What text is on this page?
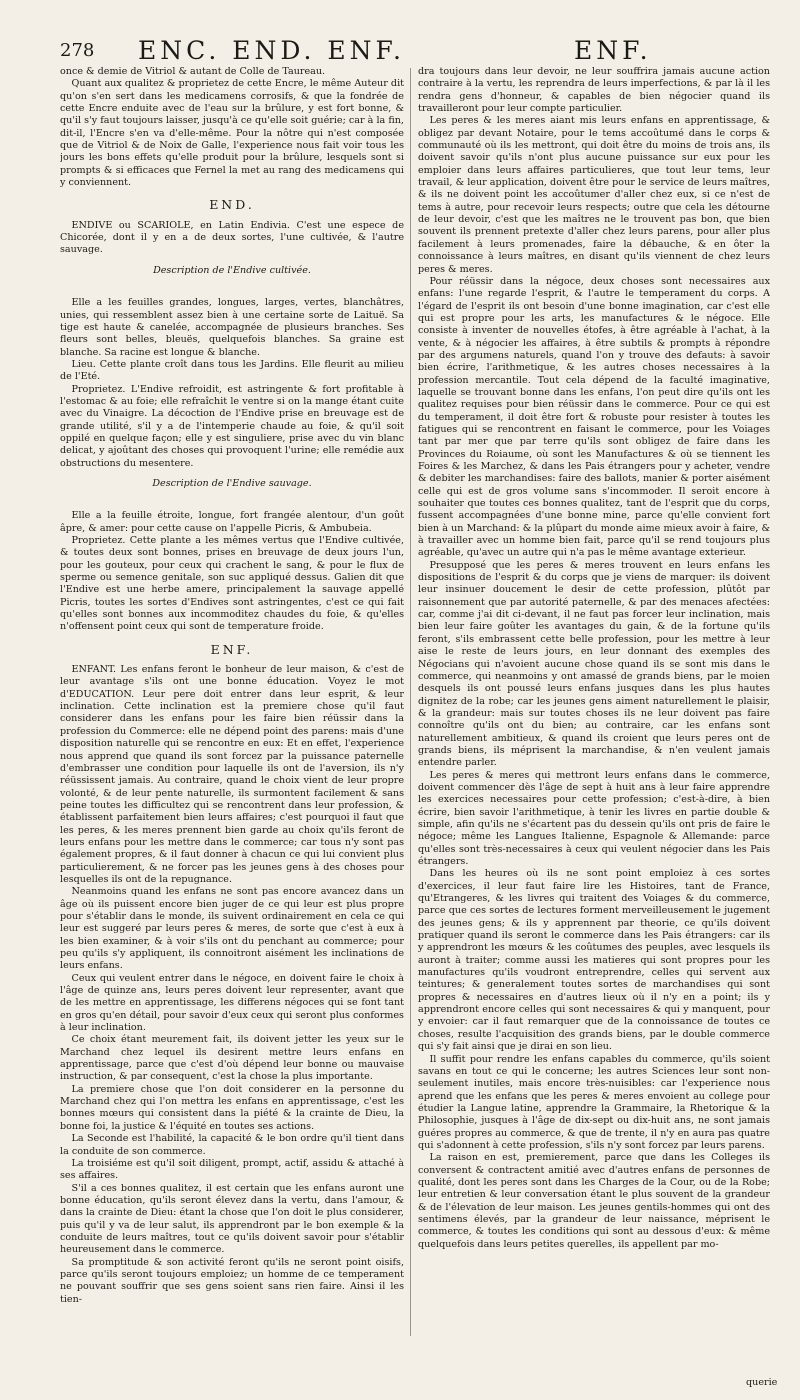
278 ENC. END. ENF.	ENF.

once & demie de Vitriol & autant de Colle de Taureau.

Quant aux qualitez & proprietez de cette Encre, le même Auteur dit qu'on s'en sert dans les medicamens corrosifs, & que la fondrée de cette Encre enduite avec de l'eau sur la brûlure, y est fort bonne, & qu'il s'y faut toujours laisser, jusqu'à ce qu'elle soit guérie; car à la fin, dit-il, l'Encre s'en va d'elle-même. Pour la nôtre qui n'est composée que de Vitriol & de Noix de Galle, l'experience nous fait voir tous les jours les bons effets qu'elle produit pour la brûlure, lesquels sont si prompts & si efficaces que Fernel la met au rang des medicamens qui y conviennent.

END.

ENDIVE ou SCARIOLE, en Latin Endivia. C'est une espece de Chicorée, dont il y en a de deux sortes, l'une cultivée, & l'autre sauvage.

Description de l'Endive cultivée.

Elle a les feuilles grandes, longues, larges, vertes, blanchâtres, unies, qui ressemblent assez bien à une certaine sorte de Laituë. Sa tige est haute & canelée, accompagnée de plusieurs branches. Ses fleurs sont belles, bleuës, quelquefois blanches. Sa graine est blanche. Sa racine est longue & blanche.

Lieu. Cette plante croît dans tous les Jardins. Elle fleurit au milieu de l'Eté.

Proprietez. L'Endive refroidit, est astringente & fort profitable à l'estomac & au foie; elle refraîchit le ventre si on la mange étant cuite avec du Vinaigre. La décoction de l'Endive prise en breuvage est de grande utilité, s'il y a de l'intemperie chaude au foie, & qu'il soit oppilé en quelque façon; elle y est singuliere, prise avec du vin blanc delicat, y ajoûtant des choses qui provoquent l'urine; elle remédie aux obstructions du mesentere.

Description de l'Endive sauvage.

Elle a la feuille étroite, longue, fort frangée alentour, d'un goût âpre, & amer: pour cette cause on l'appelle Picris, & Ambubeia.

Proprietez. Cette plante a les mêmes vertus que l'Endive cultivée, & toutes deux sont bonnes, prises en breuvage de deux jours l'un, pour les gouteux, pour ceux qui crachent le sang, & pour le flux de sperme ou semence genitale, son suc appliqué dessus. Galien dit que l'Endive est une herbe amere, principalement la sauvage appellé Picris, toutes les sortes d'Endives sont astringentes, c'est ce qui fait qu'elles sont bonnes aux incommoditez chaudes du foie, & qu'elles n'offensent point ceux qui sont de temperature froide.

ENF.

ENFANT. Les enfans feront le bonheur de leur maison, & c'est de leur avantage s'ils ont une bonne éducation. Voyez le mot d'EDUCATION. Leur pere doit entrer dans leur esprit, & leur inclination. Cette inclination est la premiere chose qu'il faut considerer dans les enfans pour les faire bien réüssir dans la profession du Commerce: elle ne dépend point des parens: mais d'une disposition naturelle qui se rencontre en eux: Et en effet, l'experience nous apprend que quand ils sont forcez par la puissance paternelle d'embrasser une condition pour laquelle ils ont de l'aversion, ils n'y réüssissent jamais. Au contraire, quand le choix vient de leur propre volonté, & de leur pente naturelle, ils surmontent facilement & sans peine toutes les difficultez qui se rencontrent dans leur profession, & établissent parfaitement bien leurs affaires; c'est pourquoi il faut que les peres, & les meres prennent bien garde au choix qu'ils feront de leurs enfans pour les mettre dans le commerce; car tous n'y sont pas également propres, & il faut donner à chacun ce qui lui convient plus particulierement, & ne forcer pas les jeunes gens à des choses pour lesquelles ils ont de la repugnance.

Neanmoins quand les enfans ne sont pas encore avancez dans un âge où ils puissent encore bien juger de ce qui leur est plus propre pour s'établir dans le monde, ils suivent ordinairement en cela ce qui leur est suggeré par leurs peres & meres, de sorte que c'est à eux à les bien examiner, & à voir s'ils ont du penchant au commerce; pour peu qu'ils s'y appliquent, ils connoitront aisément les inclinations de leurs enfans.

Ceux qui veulent entrer dans le négoce, en doivent faire le choix à l'âge de quinze ans, leurs peres doivent leur representer, avant que de les mettre en apprentissage, les differens négoces qui se font tant en gros qu'en détail, pour savoir d'eux ceux qui seront plus conformes à leur inclination.

Ce choix étant meurement fait, ils doivent jetter les yeux sur le Marchand chez lequel ils desirent mettre leurs enfans en apprentissage, parce que c'est d'où dépend leur bonne ou mauvaise instruction, & par consequent, c'est la chose la plus importante.

La premiere chose que l'on doit considerer en la personne du Marchand chez qui l'on mettra les enfans en apprentissage, c'est les bonnes mœurs qui consistent dans la piété & la crainte de Dieu, la bonne foi, la justice & l'équité en toutes ses actions.

La Seconde est l'habilité, la capacité & le bon ordre qu'il tient dans la conduite de son commerce.

La troisiéme est qu'il soit diligent, prompt, actif, assidu & attaché à ses affaires.

S'il a ces bonnes qualitez, il est certain que les enfans auront une bonne éducation, qu'ils seront élevez dans la vertu, dans l'amour, & dans la crainte de Dieu: étant la chose que l'on doit le plus considerer, puis qu'il y va de leur salut, ils apprendront par le bon exemple & la conduite de leurs maîtres, tout ce qu'ils doivent savoir pour s'établir heureusement dans le commerce.

Sa promptitude & son activité feront qu'ils ne seront point oisifs, parce qu'ils seront toujours emploiez; un homme de ce temperament ne pouvant souffrir que ses gens soient sans rien faire. Ainsi il les tien-

dra toujours dans leur devoir, ne leur souffrira jamais aucune action contraire à la vertu, les reprendra de leurs imperfections, & par là il les rendra gens d'honneur, & capables de bien négocier quand ils travailleront pour leur compte particulier.

Les peres & les meres aiant mis leurs enfans en apprentissage, & obligez par devant Notaire, pour le tems accoûtumé dans le corps & communauté où ils les mettront, qui doit être du moins de trois ans, ils doivent savoir qu'ils n'ont plus aucune puissance sur eux pour les emploier dans leurs affaires particulieres, que tout leur tems, leur travail, & leur application, doivent être pour le service de leurs maîtres, & ils ne doivent point les accoûtumer d'aller chez eux, si ce n'est de tems à autre, pour recevoir leurs respects; outre que cela les détourne de leur devoir, c'est que les maîtres ne le trouvent pas bon, que bien souvent ils prennent pretexte d'aller chez leurs parens, pour aller plus facilement à leurs promenades, faire la débauche, & en ôter la connoissance à leurs maîtres, en disant qu'ils viennent de chez leurs peres & meres.

Pour réüssir dans la négoce, deux choses sont necessaires aux enfans: l'une regarde l'esprit, & l'autre le temperament du corps. A l'égard de l'esprit ils ont besoin d'une bonne imagination, car c'est elle qui est propre pour les arts, les manufactures & le négoce. Elle consiste à inventer de nouvelles étofes, à être agréable à l'achat, à la vente, & à négocier les affaires, à être subtils & prompts à répondre par des argumens naturels, quand l'on y trouve des defauts: à savoir bien écrire, l'arithmetique, & les autres choses necessaires à la profession mercantile. Tout cela dépend de la faculté imaginative, laquelle se trouvant bonne dans les enfans, l'on peut dire qu'ils ont les qualitez requises pour bien réüssir dans le commerce. Pour ce qui est du temperament, il doit être fort & robuste pour resister à toutes les fatigues qui se rencontrent en faisant le commerce, pour les Voiages tant par mer que par terre qu'ils sont obligez de faire dans les Provinces du Roiaume, où sont les Manufactures & où se tiennent les Foires & les Marchez, & dans les Pais étrangers pour y acheter, vendre & debiter les marchandises: faire des ballots, manier & porter aisément celle qui est de gros volume sans s'incommoder. Il seroit encore à souhaiter que toutes ces bonnes qualitez, tant de l'esprit que du corps, fussent accompagnées d'une bonne mine, parce qu'elle convient fort bien à un Marchand: & la plûpart du monde aime mieux avoir à faire, & à travailler avec un homme bien fait, parce qu'il se rend toujours plus agréable, qu'avec un autre qui n'a pas le même avantage exterieur.

Presupposé que les peres & meres trouvent en leurs enfans les dispositions de l'esprit & du corps que je viens de marquer: ils doivent leur insinuer doucement le desir de cette profession, plûtôt par raisonnement que par autorité paternelle, & par des menaces afectées: car, comme j'ai dit ci-devant, il ne faut pas forcer leur inclination, mais bien leur faire goûter les avantages du gain, & de la fortune qu'ils feront, s'ils embrassent cette belle profession, pour les mettre à leur aise le reste de leurs jours, en leur donnant des exemples des Négocians qui n'avoient aucune chose quand ils se sont mis dans le commerce, qui neanmoins y ont amassé de grands biens, par le moien desquels ils ont poussé leurs enfans jusques dans les plus hautes dignitez de la robe; car les jeunes gens aiment naturellement le plaisir, & la grandeur: mais sur toutes choses ils ne leur doivent pas faire connoître qu'ils ont du bien; au contraire, car les enfans sont naturellement ambitieux, & quand ils croient que leurs peres ont de grands biens, ils méprisent la marchandise, & n'en veulent jamais entendre parler.

Les peres & meres qui mettront leurs enfans dans le commerce, doivent commencer dès l'âge de sept à huit ans à leur faire apprendre les exercices necessaires pour cette profession; c'est-à-dire, à bien écrire, bien savoir l'arithmetique, à tenir les livres en partie double & simple, afin qu'ils ne s'écartent pas du dessein qu'ils ont pris de faire le négoce; même les Langues Italienne, Espagnole & Allemande: parce qu'elles sont très-necessaires à ceux qui veulent négocier dans les Pais étrangers.

Dans les heures où ils ne sont point emploiez à ces sortes d'exercices, il leur faut faire lire les Histoires, tant de France, qu'Etrangeres, & les livres qui traitent des Voiages & du commerce, parce que ces sortes de lectures forment merveilleusement le jugement des jeunes gens; & ils y apprennent par theorie, ce qu'ils doivent pratiquer quand ils seront le commerce dans les Pais étrangers: car ils y apprendront les mœurs & les coûtumes des peuples, avec lesquels ils auront à traiter; comme aussi les matieres qui sont propres pour les manufactures qu'ils voudront entreprendre, celles qui servent aux teintures; & generalement toutes sortes de marchandises qui sont propres & necessaires en d'autres lieux où il n'y en a point; ils y apprendront encore celles qui sont necessaires & qui y manquent, pour y envoier: car il faut remarquer que de la connoissance de toutes ce choses, resulte l'acquisition des grands biens, par le double commerce qui s'y fait ainsi que je dirai en son lieu.

Il suffit pour rendre les enfans capables du commerce, qu'ils soient savans en tout ce qui le concerne; les autres Sciences leur sont non-seulement inutiles, mais encore très-nuisibles: car l'experience nous aprend que les enfans que les peres & meres envoient au college pour étudier la Langue latine, apprendre la Grammaire, la Rhetorique & la Philosophie, jusques à l'âge de dix-sept ou dix-huit ans, ne sont jamais guéres propres au commerce, & que de trente, il n'y en aura pas quatre qui s'adonnent à cette profession, s'ils n'y sont forcez par leurs parens.

La raison en est, premierement, parce que dans les Colleges ils conversent & contractent amitié avec d'autres enfans de personnes de qualité, dont les peres sont dans les Charges de la Cour, ou de la Robe; leur entretien & leur conversation étant le plus souvent de la grandeur & de l'élevation de leur maison. Les jeunes gentils-hommes qui ont des sentimens élevés, par la grandeur de leur naissance, méprisent le commerce, & toutes les conditions qui sont au dessous d'eux: & même quelquefois dans leurs petites querelles, ils appellent par mo-

querie
